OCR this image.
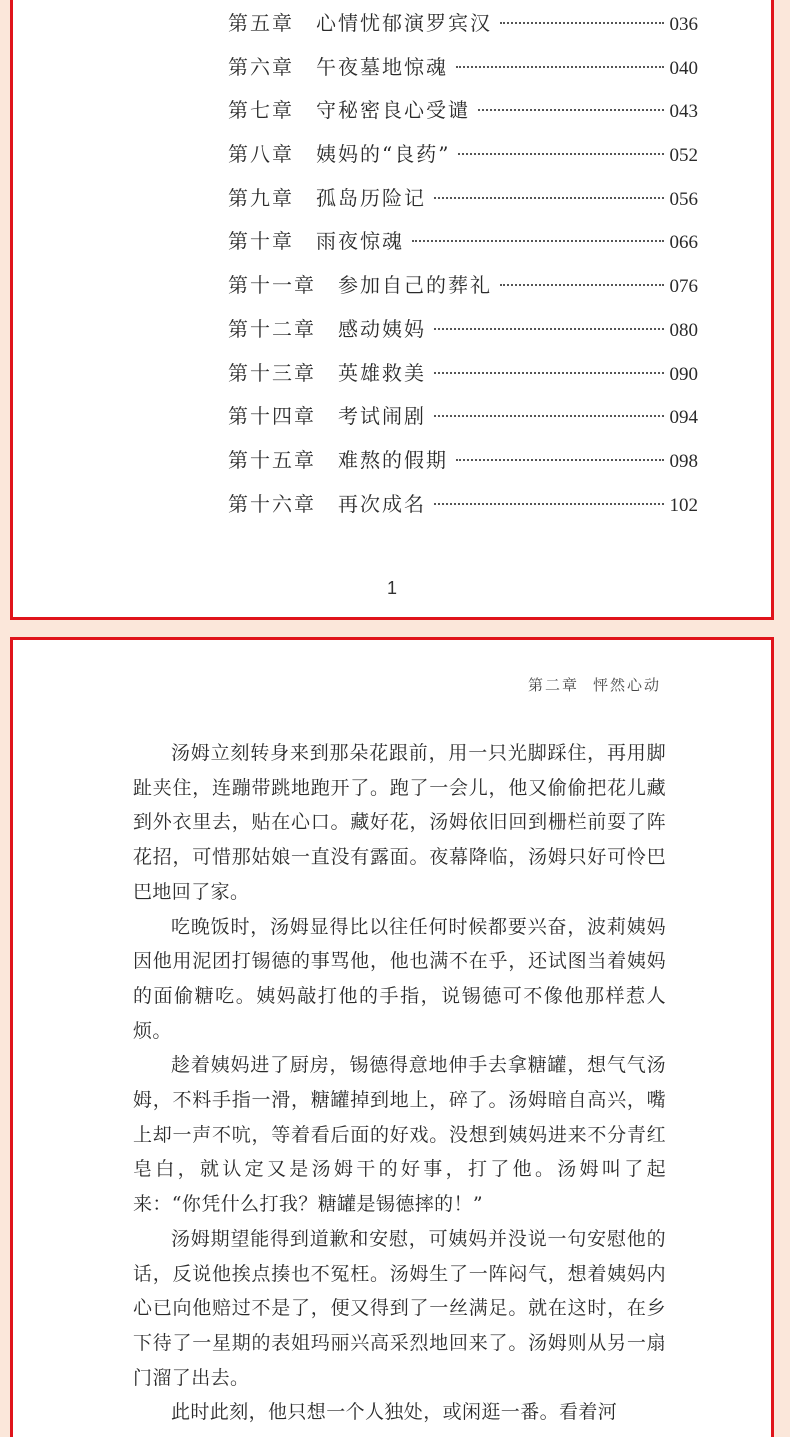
第五章 心情忧郁演罗宾汉	036
第六章 午夜墓地惊魂	040
第七章 守秘密良心受谴	043
第八章 姨妈的“良药”	052
第九章 孤岛历险记	056
第十章 雨夜惊魂	066
第十一章 参加自己的葬礼	076
第十二章 感动姨妈	080
第十三章 英雄救美	090
第十四章 考试闹剧	094
第十五章 难熬的假期	098
第十六章 再次成名	102
1
第二章 怦然心动

汤姆立刻转身来到那朵花跟前，用一只光脚踩住，再用脚趾夹住，连蹦带跳地跑开了。跑了一会儿，他又偷偷把花儿藏到外衣里去，贴在心口。藏好花，汤姆依旧回到栅栏前耍了阵花招，可惜那姑娘一直没有露面。夜幕降临，汤姆只好可怜巴巴地回了家。

吃晚饭时，汤姆显得比以往任何时候都要兴奋，波莉姨妈因他用泥团打锡德的事骂他，他也满不在乎，还试图当着姨妈的面偷糖吃。姨妈敲打他的手指，说锡德可不像他那样惹人烦。

趁着姨妈进了厨房，锡德得意地伸手去拿糖罐，想气气汤姆，不料手指一滑，糖罐掉到地上，碎了。汤姆暗自高兴，嘴上却一声不吭，等着看后面的好戏。没想到姨妈进来不分青红皂白，就认定又是汤姆干的好事，打了他。汤姆叫了起来：“你凭什么打我？糖罐是锡德摔的！”

汤姆期望能得到道歉和安慰，可姨妈并没说一句安慰他的话，反说他挨点揍也不冤枉。汤姆生了一阵闷气，想着姨妈内心已向他赔过不是了，便又得到了一丝满足。就在这时，在乡下待了一星期的表姐玛丽兴高采烈地回来了。汤姆则从另一扇门溜了出去。

此时此刻，他只想一个人独处，或闲逛一番。看着河
